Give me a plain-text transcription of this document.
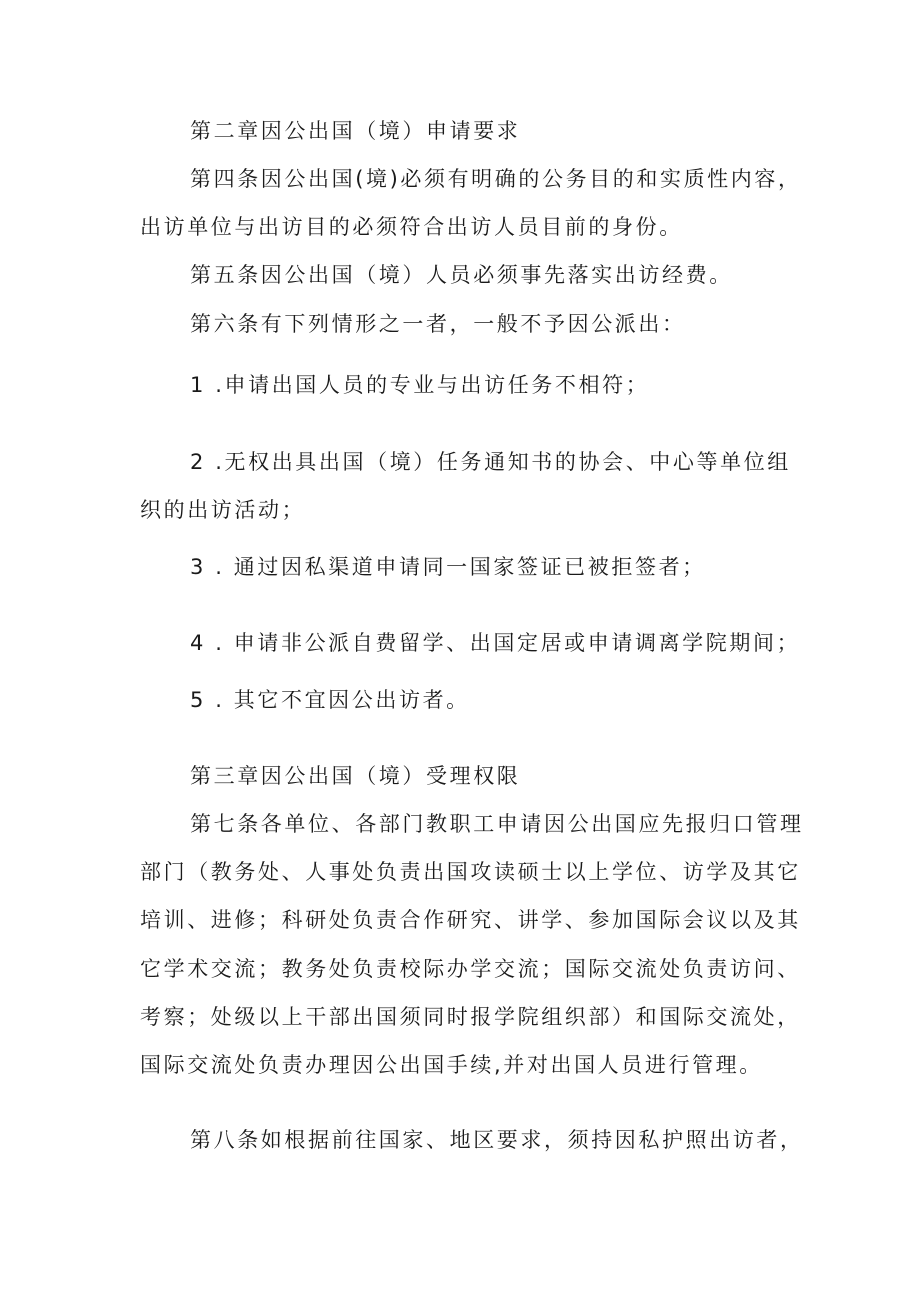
第二章因公出国（境）申请要求
第四条因公出国(境)必须有明确的公务目的和实质性内容，
出访单位与出访目的必须符合出访人员目前的身份。
第五条因公出国（境）人员必须事先落实出访经费。
第六条有下列情形之一者，一般不予因公派出：
1 .申请出国人员的专业与出访任务不相符；
2 .无权出具出国（境）任务通知书的协会、中心等单位组
织的出访活动；
3 . 通过因私渠道申请同一国家签证已被拒签者；
4 . 申请非公派自费留学、出国定居或申请调离学院期间；
5 . 其它不宜因公出访者。
第三章因公出国（境）受理权限
第七条各单位、各部门教职工申请因公出国应先报归口管理
部门（教务处、人事处负责出国攻读硕士以上学位、访学及其它
培训、进修；科研处负责合作研究、讲学、参加国际会议以及其
它学术交流；教务处负责校际办学交流；国际交流处负责访问、
考察；处级以上干部出国须同时报学院组织部）和国际交流处，
国际交流处负责办理因公出国手续,并对出国人员进行管理。
第八条如根据前往国家、地区要求，须持因私护照出访者，
